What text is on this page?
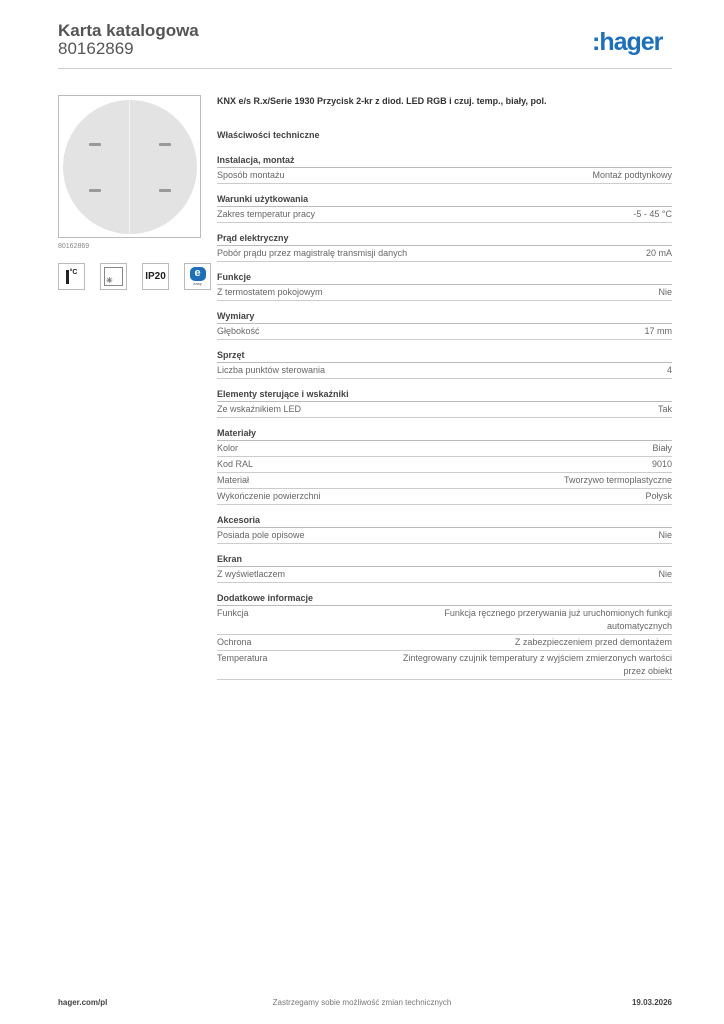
Karta katalogowa
80162869	:hager
80162869
°C
✳	IP20	e
easy
KNX e/s R.x/Serie 1930 Przycisk 2-kr z diod. LED RGB i czuj. temp., biały, pol.
Właściwości techniczne
Instalacja, montaż
Sposób montażu	Montaż podtynkowy
Warunki użytkowania
Zakres temperatur pracy	-5 - 45 °C
Prąd elektryczny
Pobór prądu przez magistralę transmisji danych	20 mA
Funkcje
Z termostatem pokojowym	Nie
Wymiary
Głębokość	17 mm
Sprzęt
Liczba punktów sterowania	4
Elementy sterujące i wskaźniki
Ze wskaźnikiem LED	Tak
Materiały
Kolor	Biały
Kod RAL	9010
Materiał	Tworzywo termoplastyczne
Wykończenie powierzchni	Połysk
Akcesoria
Posiada pole opisowe	Nie
Ekran
Z wyświetlaczem	Nie
Dodatkowe informacje
Funkcja	Funkcja ręcznego przerywania już uruchomionych funkcji automatycznych
Ochrona	Z zabezpieczeniem przed demontażem
Temperatura	Zintegrowany czujnik temperatury z wyjściem zmierzonych wartości przez obiekt
hager.com/pl	Zastrzegamy sobie możliwość zmian technicznych	19.03.2026
